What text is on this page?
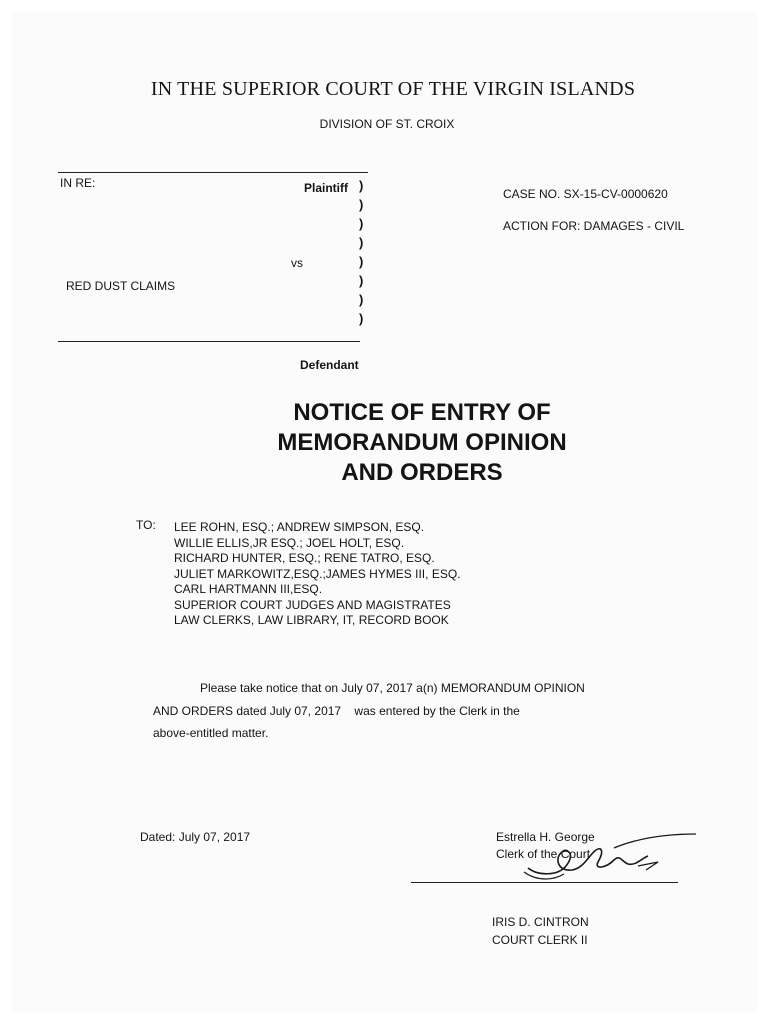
IN THE SUPERIOR COURT OF THE VIRGIN ISLANDS
DIVISION OF ST. CROIX
IN RE:	Plaintiff )
)
)
)
)
)
)
)
vs
RED DUST CLAIMS
Defendant
CASE NO. SX-15-CV-0000620
ACTION FOR: DAMAGES - CIVIL
NOTICE OF ENTRY OF
MEMORANDUM OPINION
AND ORDERS
TO: LEE ROHN, ESQ.; ANDREW SIMPSON, ESQ.
WILLIE ELLIS,JR ESQ.; JOEL HOLT, ESQ.
RICHARD HUNTER, ESQ.; RENE TATRO, ESQ.
JULIET MARKOWITZ,ESQ.;JAMES HYMES III, ESQ.
CARL HARTMANN III,ESQ.
SUPERIOR COURT JUDGES AND MAGISTRATES
LAW CLERKS, LAW LIBRARY, IT, RECORD BOOK
Please take notice that on July 07, 2017 a(n) MEMORANDUM OPINION
AND ORDERS dated July 07, 2017    was entered by the Clerk in the
above-entitled matter.
Dated: July 07, 2017	Estrella H. George
Clerk of the Court
IRIS D. CINTRON
COURT CLERK II
